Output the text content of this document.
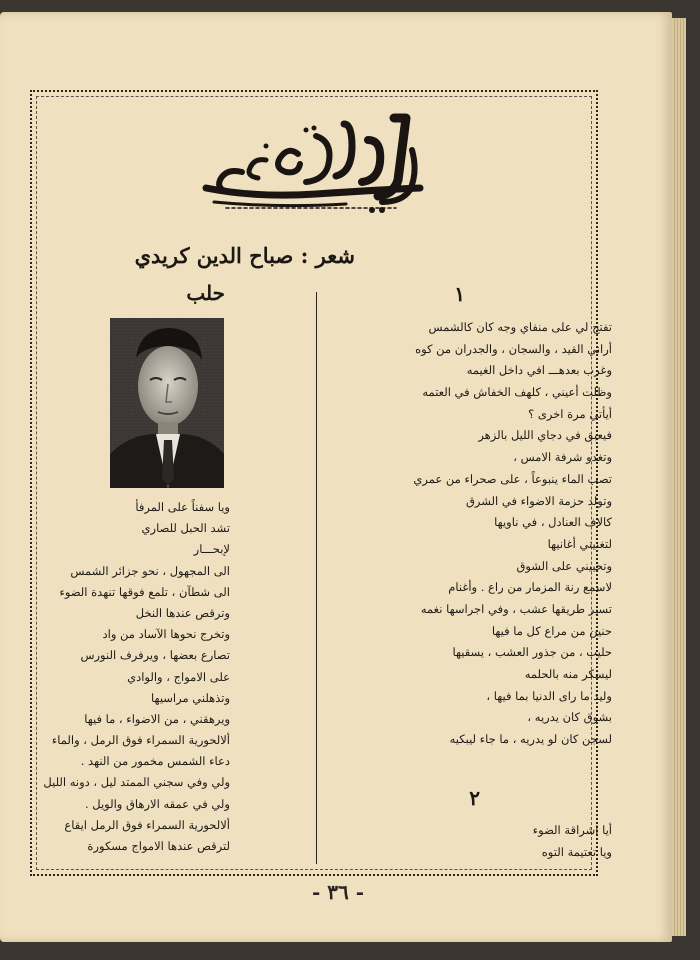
البحر المنفي
شعر : صباح الدين كريدي
حلب	١
تفتح لي على منفاي وجه كان كالشمس
أراني القيد ، والسجان ، والجدران من كوه
وغرب بعدهـــ افي داخل الغيمه
وظلت أعيني ، كلهف الخفاش في العتمه
أيأتي مرة اخرى ؟
فيعبق في دجاي الليل بالزهر
وتغدو شرفة الامس ،
تصب الماء ينبوعاً ، على صحراء من عمري
وتولد حزمة الاضواء في الشرق
كالاف العنادل ، في ناويها
لتغنيني أغانيها
وتحييني على الشوق
لاسمع رنة المزمار من راع . وأغنام
تسير طريقها عشب ، وفي اجراسها نغمه
حنين من مراع كل ما فيها
حليب ، من جذور العشب ، يسقيها
ليسكر منه بالحلمه
وليد ما راى الدنيا بما فيها ،
بشوق كان يدريه ،
لسجن كان لو يدريه ، ما جاء ليبكيه
ويا سفناً على المرفأ
تشد الحبل للصاري
لإبحـــار
الى المجهول ، نحو جزائر الشمس
الى شطآن ، تلمع فوقها تنهدة الضوء
وترقص عندها النخل
وتخرج نحوها الآساد من واد
تصارع بعضها ، ويرفرف النورس
على الامواج ، والوادي
وتذهلني مراسيها
ويرهقني ، من الاضواء ، ما فيها
ألالحورية السمراء فوق الرمل ، والماء
دعاء الشمس مخمور من النهد .
ولي وفي سجني الممتد ليل ، دونه الليل
ولي في عمقه الارهاق والويل .
ألالحورية السمراء فوق الرمل ايقاع
لترقص عندها الامواج مسكورة
٢
أيا اشراقة الضوء
ويا تعتيمة التوه
- ٣٦ -
